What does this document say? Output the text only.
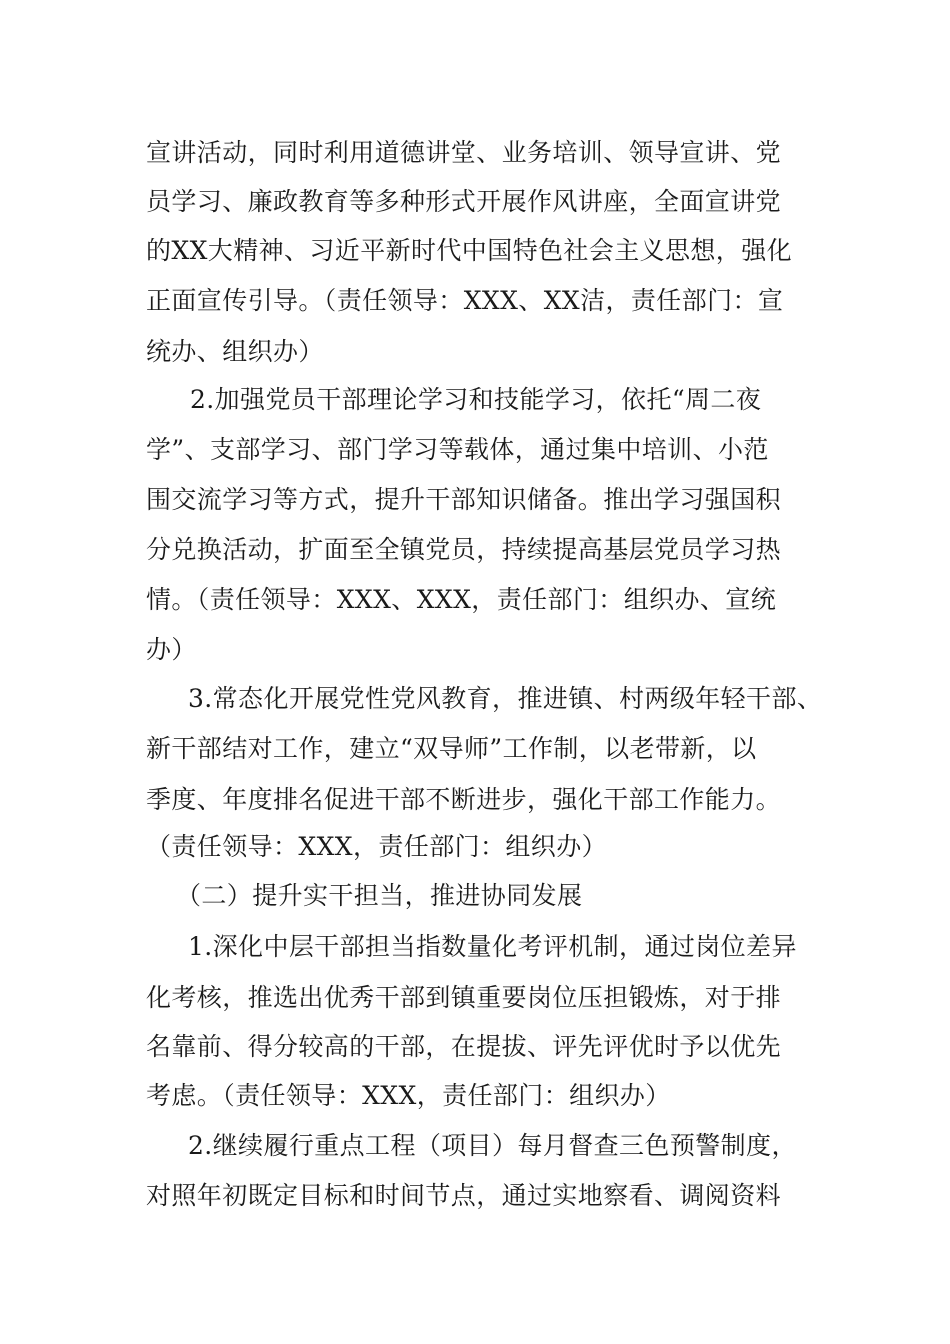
宣讲活动，同时利用道德讲堂、业务培训、领导宣讲、党
员学习、廉政教育等多种形式开展作风讲座，全面宣讲党
的XX大精神、习近平新时代中国特色社会主义思想，强化
正面宣传引导。（责任领导：XXX、XX洁，责任部门：宣
统办、组织办）
2.加强党员干部理论学习和技能学习，依托“周二夜
学”、支部学习、部门学习等载体，通过集中培训、小范
围交流学习等方式，提升干部知识储备。推出学习强国积
分兑换活动，扩面至全镇党员，持续提高基层党员学习热
情。（责任领导：XXX、XXX，责任部门：组织办、宣统
办）
3.常态化开展党性党风教育，推进镇、村两级年轻干部、
新干部结对工作，建立“双导师”工作制，以老带新，以
季度、年度排名促进干部不断进步，强化干部工作能力。
（责任领导：XXX，责任部门：组织办）
（二）提升实干担当，推进协同发展
1.深化中层干部担当指数量化考评机制，通过岗位差异
化考核，推选出优秀干部到镇重要岗位压担锻炼，对于排
名靠前、得分较高的干部，在提拔、评先评优时予以优先
考虑。（责任领导：XXX，责任部门：组织办）
2.继续履行重点工程（项目）每月督查三色预警制度，
对照年初既定目标和时间节点，通过实地察看、调阅资料
